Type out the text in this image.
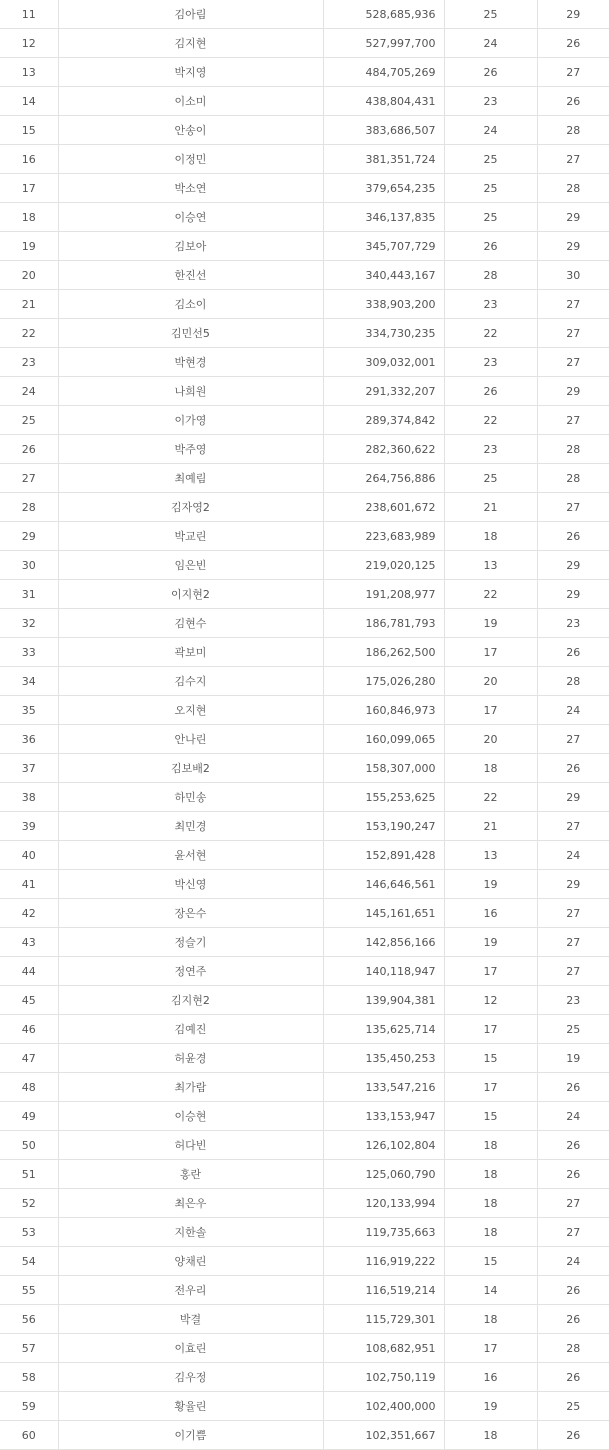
11	김아림	528,685,936	25	29
12	김지현	527,997,700	24	26
13	박지영	484,705,269	26	27
14	이소미	438,804,431	23	26
15	안송이	383,686,507	24	28
16	이정민	381,351,724	25	27
17	박소연	379,654,235	25	28
18	이승연	346,137,835	25	29
19	김보아	345,707,729	26	29
20	한진선	340,443,167	28	30
21	김소이	338,903,200	23	27
22	김민선5	334,730,235	22	27
23	박현경	309,032,001	23	27
24	나희원	291,332,207	26	29
25	이가영	289,374,842	22	27
26	박주영	282,360,622	23	28
27	최예림	264,756,886	25	28
28	김자영2	238,601,672	21	27
29	박교린	223,683,989	18	26
30	임은빈	219,020,125	13	29
31	이지현2	191,208,977	22	29
32	김현수	186,781,793	19	23
33	곽보미	186,262,500	17	26
34	김수지	175,026,280	20	28
35	오지현	160,846,973	17	24
36	안나린	160,099,065	20	27
37	김보배2	158,307,000	18	26
38	하민송	155,253,625	22	29
39	최민경	153,190,247	21	27
40	윤서현	152,891,428	13	24
41	박신영	146,646,561	19	29
42	장은수	145,161,651	16	27
43	정슬기	142,856,166	19	27
44	정연주	140,118,947	17	27
45	김지현2	139,904,381	12	23
46	김예진	135,625,714	17	25
47	허윤경	135,450,253	15	19
48	최가람	133,547,216	17	26
49	이승현	133,153,947	15	24
50	허다빈	126,102,804	18	26
51	홍란	125,060,790	18	26
52	최은우	120,133,994	18	27
53	지한솔	119,735,663	18	27
54	양채린	116,919,222	15	24
55	전우리	116,519,214	14	26
56	박결	115,729,301	18	26
57	이효린	108,682,951	17	28
58	김우정	102,750,119	16	26
59	황율린	102,400,000	19	25
60	이기쁨	102,351,667	18	26
